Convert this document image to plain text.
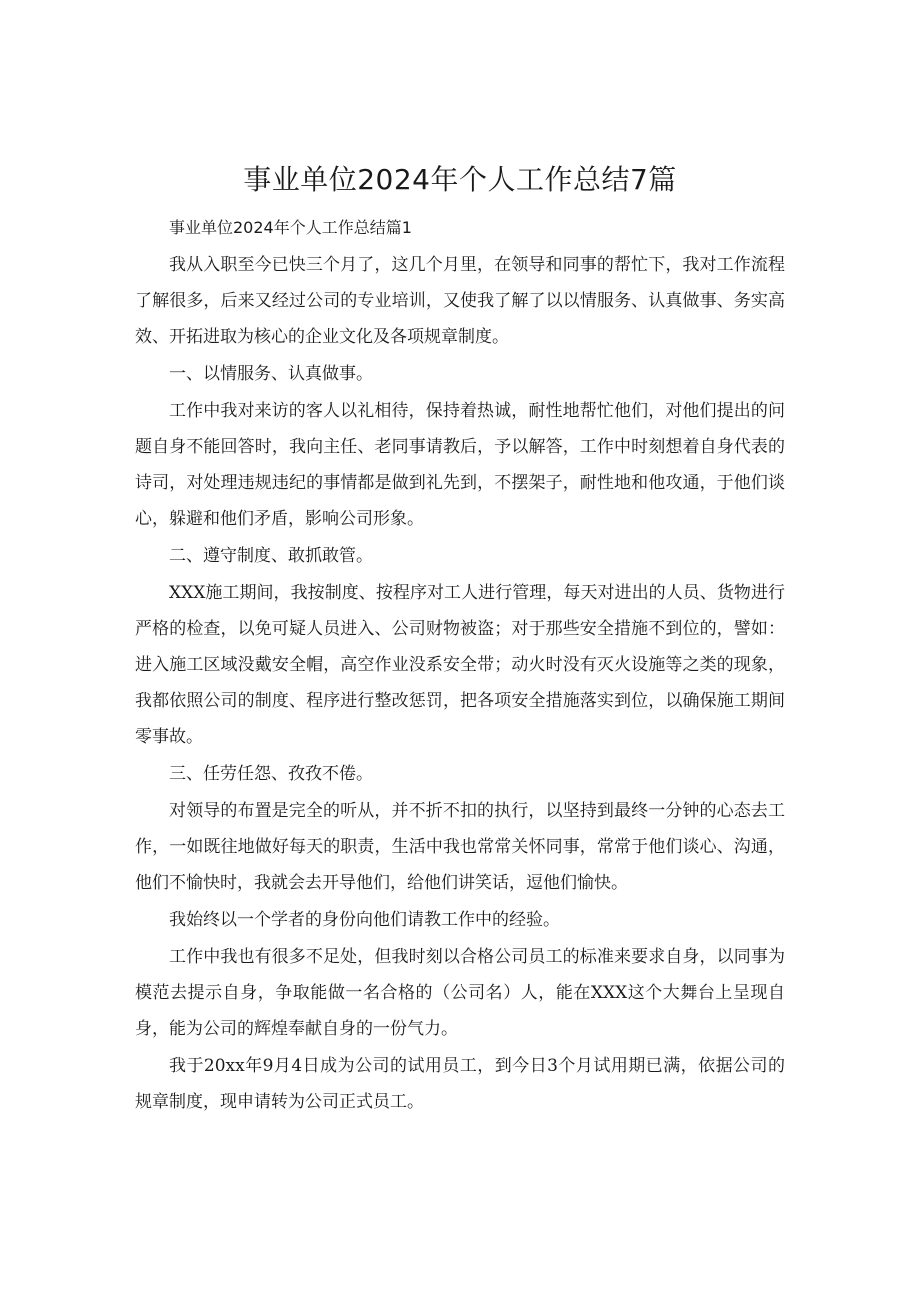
事业单位2024年个人工作总结7篇

事业单位2024年个人工作总结篇1

我从入职至今已快三个月了，这几个月里，在领导和同事的帮忙下，我对工作流程了解很多，后来又经过公司的专业培训，又使我了解了以以情服务、认真做事、务实高效、开拓进取为核心的企业文化及各项规章制度。

一、以情服务、认真做事。

工作中我对来访的客人以礼相待，保持着热诚，耐性地帮忙他们，对他们提出的问题自身不能回答时，我向主任、老同事请教后，予以解答，工作中时刻想着自身代表的诗司，对处理违规违纪的事情都是做到礼先到，不摆架子，耐性地和他攻通，于他们谈心，躲避和他们矛盾，影响公司形象。

二、遵守制度、敢抓敢管。

XXX施工期间，我按制度、按程序对工人进行管理，每天对进出的人员、货物进行严格的检查，以免可疑人员进入、公司财物被盗；对于那些安全措施不到位的，譬如：进入施工区域没戴安全帽，高空作业没系安全带；动火时没有灭火设施等之类的现象，我都依照公司的制度、程序进行整改惩罚，把各项安全措施落实到位，以确保施工期间零事故。

三、任劳任怨、孜孜不倦。

对领导的布置是完全的听从，并不折不扣的执行，以坚持到最终一分钟的心态去工作，一如既往地做好每天的职责，生活中我也常常关怀同事，常常于他们谈心、沟通，他们不愉快时，我就会去开导他们，给他们讲笑话，逗他们愉快。

我始终以一个学者的身份向他们请教工作中的经验。

工作中我也有很多不足处，但我时刻以合格公司员工的标准来要求自身，以同事为模范去提示自身，争取能做一名合格的（公司名）人，能在XXX这个大舞台上呈现自身，能为公司的辉煌奉献自身的一份气力。

我于20xx年9月4日成为公司的试用员工，到今日3个月试用期已满，依据公司的规章制度，现申请转为公司正式员工。
